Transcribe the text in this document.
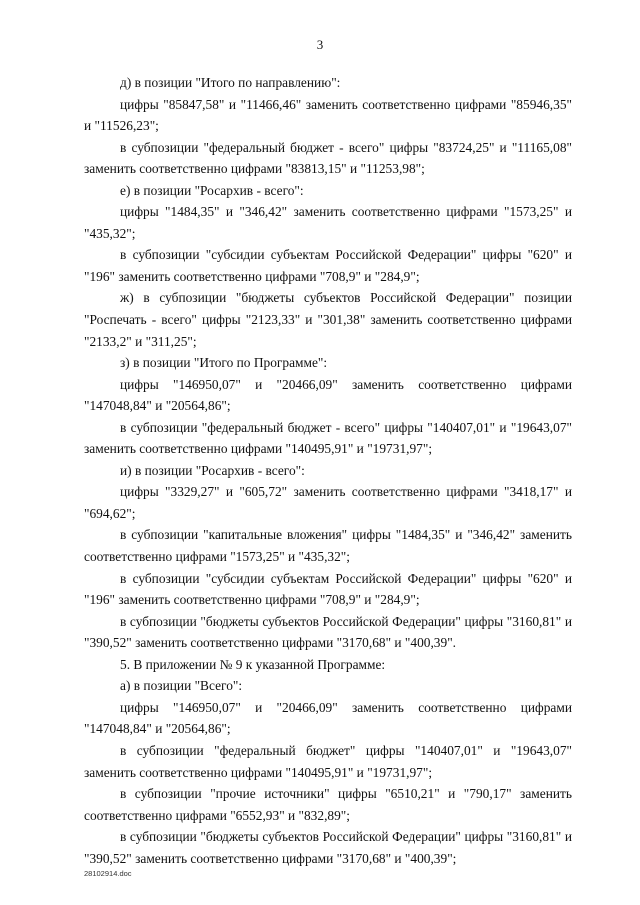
3

д) в позиции "Итого по направлению":

цифры "85847,58" и "11466,46" заменить соответственно цифрами "85946,35" и "11526,23";

в субпозиции "федеральный бюджет - всего" цифры "83724,25" и "11165,08" заменить соответственно цифрами "83813,15" и "11253,98";

е) в позиции "Росархив - всего":

цифры "1484,35" и "346,42" заменить соответственно цифрами "1573,25" и "435,32";

в субпозиции "субсидии субъектам Российской Федерации" цифры "620" и "196" заменить соответственно цифрами "708,9" и "284,9";

ж) в субпозиции "бюджеты субъектов Российской Федерации" позиции "Роспечать - всего" цифры "2123,33" и "301,38" заменить соответственно цифрами "2133,2" и "311,25";

з) в позиции "Итого по Программе":

цифры "146950,07" и "20466,09" заменить соответственно цифрами "147048,84" и "20564,86";

в субпозиции "федеральный бюджет - всего" цифры "140407,01" и "19643,07" заменить соответственно цифрами "140495,91" и "19731,97";

и) в позиции "Росархив - всего":

цифры "3329,27" и "605,72" заменить соответственно цифрами "3418,17" и "694,62";

в субпозиции "капитальные вложения" цифры "1484,35" и "346,42" заменить соответственно цифрами "1573,25" и "435,32";

в субпозиции "субсидии субъектам Российской Федерации" цифры "620" и "196" заменить соответственно цифрами "708,9" и "284,9";

в субпозиции "бюджеты субъектов Российской Федерации" цифры "3160,81" и "390,52" заменить соответственно цифрами "3170,68" и "400,39".

5. В приложении № 9 к указанной Программе:

а) в позиции "Всего":

цифры "146950,07" и "20466,09" заменить соответственно цифрами "147048,84" и "20564,86";

в субпозиции "федеральный бюджет" цифры "140407,01" и "19643,07" заменить соответственно цифрами "140495,91" и "19731,97";

в субпозиции "прочие источники" цифры "6510,21" и "790,17" заменить соответственно цифрами "6552,93" и "832,89";

в субпозиции "бюджеты субъектов Российской Федерации" цифры "3160,81" и "390,52" заменить соответственно цифрами "3170,68" и "400,39";

28102914.doc
